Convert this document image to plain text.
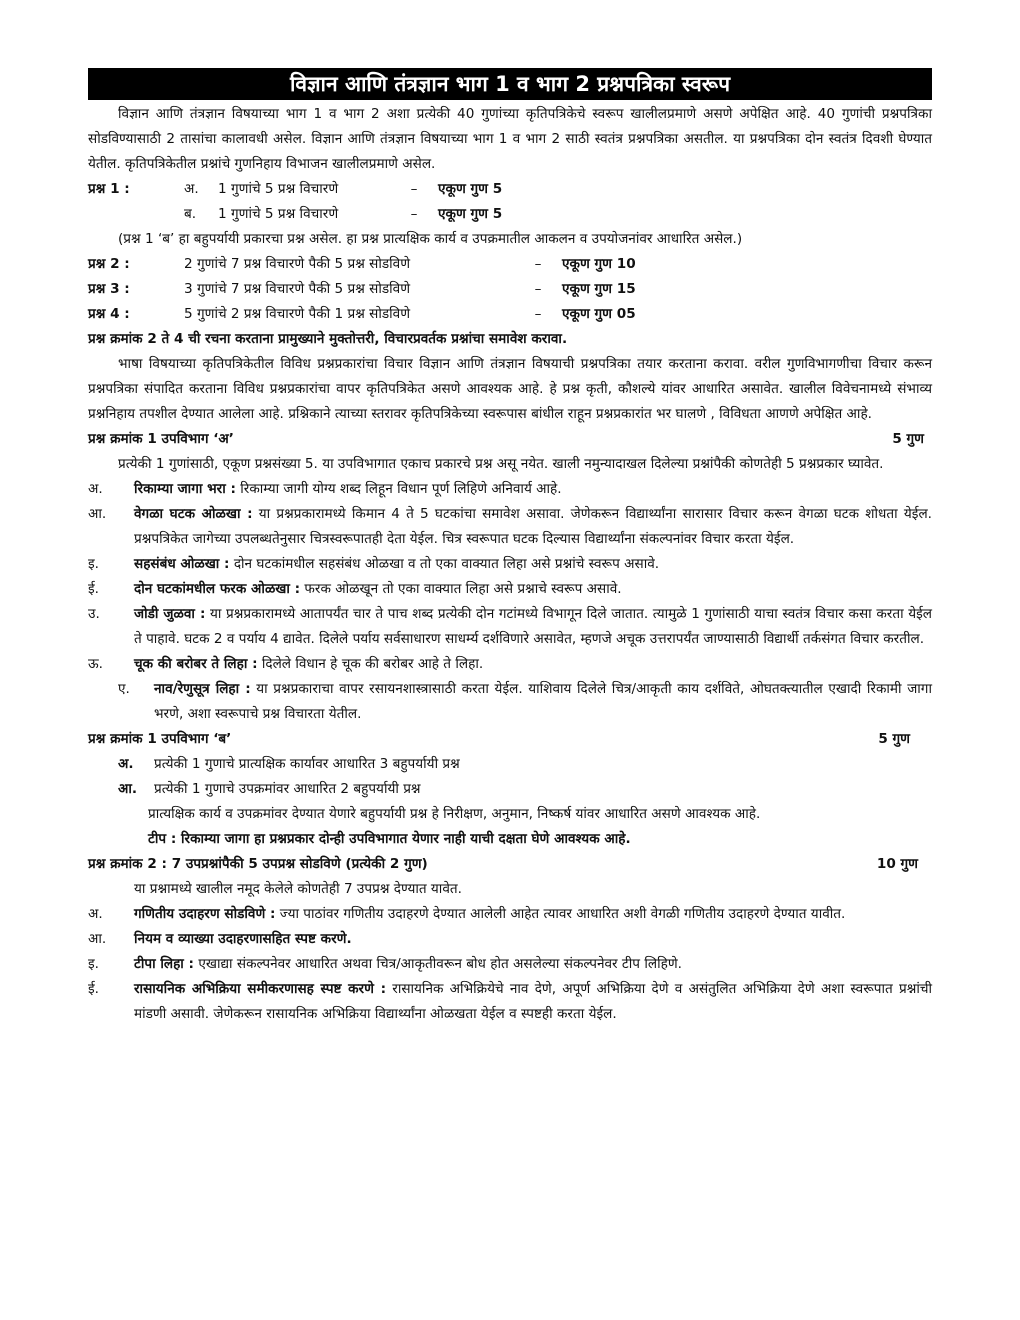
विज्ञान आणि तंत्रज्ञान भाग 1 व भाग 2 प्रश्नपत्रिका स्वरूप

विज्ञान आणि तंत्रज्ञान विषयाच्या भाग 1 व भाग 2 अशा प्रत्येकी 40 गुणांच्या कृतिपत्रिकेचे स्वरूप खालीलप्रमाणे असणे अपेक्षित आहे. 40 गुणांची प्रश्नपत्रिका सोडविण्यासाठी 2 तासांचा कालावधी असेल. विज्ञान आणि तंत्रज्ञान विषयाच्या भाग 1 व भाग 2 साठी स्वतंत्र प्रश्नपत्रिका असतील. या प्रश्नपत्रिका दोन स्वतंत्र दिवशी घेण्यात येतील. कृतिपत्रिकेतील प्रश्नांचे गुणनिहाय विभाजन खालीलप्रमाणे असेल.

प्रश्न 1 :	अ.	1 गुणांचे 5 प्रश्न विचारणे	–	एकूण गुण 5
ब.	1 गुणांचे 5 प्रश्न विचारणे	–	एकूण गुण 5

(प्रश्न 1 ‘ब’ हा बहुपर्यायी प्रकारचा प्रश्न असेल. हा प्रश्न प्रात्यक्षिक कार्य व उपक्रमातील आकलन व उपयोजनांवर आधारित असेल.)

प्रश्न 2 :	2 गुणांचे 7 प्रश्न विचारणे पैकी 5 प्रश्न सोडविणे	–	एकूण गुण 10
प्रश्न 3 :	3 गुणांचे 7 प्रश्न विचारणे पैकी 5 प्रश्न सोडविणे	–	एकूण गुण 15
प्रश्न 4 :	5 गुणांचे 2 प्रश्न विचारणे पैकी 1 प्रश्न सोडविणे	–	एकूण गुण 05

प्रश्न क्रमांक 2 ते 4 ची रचना करताना प्रामुख्याने मुक्तोत्तरी, विचारप्रवर्तक प्रश्नांचा समावेश करावा.

भाषा विषयाच्या कृतिपत्रिकेतील विविध प्रश्नप्रकारांचा विचार विज्ञान आणि तंत्रज्ञान विषयाची प्रश्नपत्रिका तयार करताना करावा. वरील गुणविभागणीचा विचार करून प्रश्नपत्रिका संपादित करताना विविध प्रश्नप्रकारांचा वापर कृतिपत्रिकेत असणे आवश्यक आहे. हे प्रश्न कृती, कौशल्ये यांवर आधारित असावेत. खालील विवेचनामध्ये संभाव्य प्रश्ननिहाय तपशील देण्यात आलेला आहे. प्रश्निकाने त्याच्या स्तरावर कृतिपत्रिकेच्या स्वरूपास बांधील राहून प्रश्नप्रकारांत भर घालणे , विविधता आणणे अपेक्षित आहे.

प्रश्न क्रमांक 1 उपविभाग ‘अ’	5 गुण

प्रत्येकी 1 गुणांसाठी, एकूण प्रश्नसंख्या 5. या उपविभागात एकाच प्रकारचे प्रश्न असू नयेत. खाली नमुन्यादाखल दिलेल्या प्रश्नांपैकी कोणतेही 5 प्रश्नप्रकार घ्यावेत.

अ.	रिकाम्या जागा भरा : रिकाम्या जागी योग्य शब्द लिहून विधान पूर्ण लिहिणे अनिवार्य आहे.
आ.	वेगळा घटक ओळखा : या प्रश्नप्रकारामध्ये किमान 4 ते 5 घटकांचा समावेश असावा. जेणेकरून विद्यार्थ्यांना सारासार विचार करून वेगळा घटक शोधता येईल. प्रश्नपत्रिकेत जागेच्या उपलब्धतेनुसार चित्रस्वरूपातही देता येईल. चित्र स्वरूपात घटक दिल्यास विद्यार्थ्यांना संकल्पनांवर विचार करता येईल.
इ.	सहसंबंध ओळखा : दोन घटकांमधील सहसंबंध ओळखा व तो एका वाक्यात लिहा असे प्रश्नांचे स्वरूप असावे.
ई.	दोन घटकांमधील फरक ओळखा : फरक ओळखून तो एका वाक्यात लिहा असे प्रश्नाचे स्वरूप असावे.
उ.	जोडी जुळवा : या प्रश्नप्रकारामध्ये आतापर्यंत चार ते पाच शब्द प्रत्येकी दोन गटांमध्ये विभागून दिले जातात. त्यामुळे 1 गुणांसाठी याचा स्वतंत्र विचार कसा करता येईल ते पाहावे. घटक 2 व पर्याय 4 द्यावेत. दिलेले पर्याय सर्वसाधारण साधर्म्य दर्शविणारे असावेत, म्हणजे अचूक उत्तरापर्यंत जाण्यासाठी विद्यार्थी तर्कसंगत विचार करतील.
ऊ.	चूक की बरोबर ते लिहा : दिलेले विधान हे चूक की बरोबर आहे ते लिहा.
ए.	नाव/रेणुसूत्र लिहा : या प्रश्नप्रकाराचा वापर रसायनशास्त्रासाठी करता येईल. याशिवाय दिलेले चित्र/आकृती काय दर्शविते, ओघतक्त्यातील एखादी रिकामी जागा भरणे, अशा स्वरूपाचे प्रश्न विचारता येतील.
प्रश्न क्रमांक 1 उपविभाग ‘ब’	5 गुण
अ.	प्रत्येकी 1 गुणाचे प्रात्यक्षिक कार्यावर आधारित 3 बहुपर्यायी प्रश्न
आ.	प्रत्येकी 1 गुणाचे उपक्रमांवर आधारित 2 बहुपर्यायी प्रश्न

प्रात्यक्षिक कार्य व उपक्रमांवर देण्यात येणारे बहुपर्यायी प्रश्न हे निरीक्षण, अनुमान, निष्कर्ष यांवर आधारित असणे आवश्यक आहे.

टीप : रिकाम्या जागा हा प्रश्नप्रकार दोन्ही उपविभागात येणार नाही याची दक्षता घेणे आवश्यक आहे.
प्रश्न क्रमांक 2 : 7 उपप्रश्नांपैकी 5 उपप्रश्न सोडविणे (प्रत्येकी 2 गुण)	10 गुण

या प्रश्नामध्ये खालील नमूद केलेले कोणतेही 7 उपप्रश्न देण्यात यावेत.

अ.	गणितीय उदाहरण सोडविणे : ज्या पाठांवर गणितीय उदाहरणे देण्यात आलेली आहेत त्यावर आधारित अशी वेगळी गणितीय उदाहरणे देण्यात यावीत.
आ.	नियम व व्याख्या उदाहरणासहित स्पष्ट करणे.
इ.	टीपा लिहा : एखाद्या संकल्पनेवर आधारित अथवा चित्र/आकृतीवरून बोध होत असलेल्या संकल्पनेवर टीप लिहिणे.
ई.	रासायनिक अभिक्रिया समीकरणासह स्पष्ट करणे : रासायनिक अभिक्रियेचे नाव देणे, अपूर्ण अभिक्रिया देणे व असंतुलित अभिक्रिया देणे अशा स्वरूपात प्रश्नांची मांडणी असावी. जेणेकरून रासायनिक अभिक्रिया विद्यार्थ्यांना ओळखता येईल व स्पष्टही करता येईल.
